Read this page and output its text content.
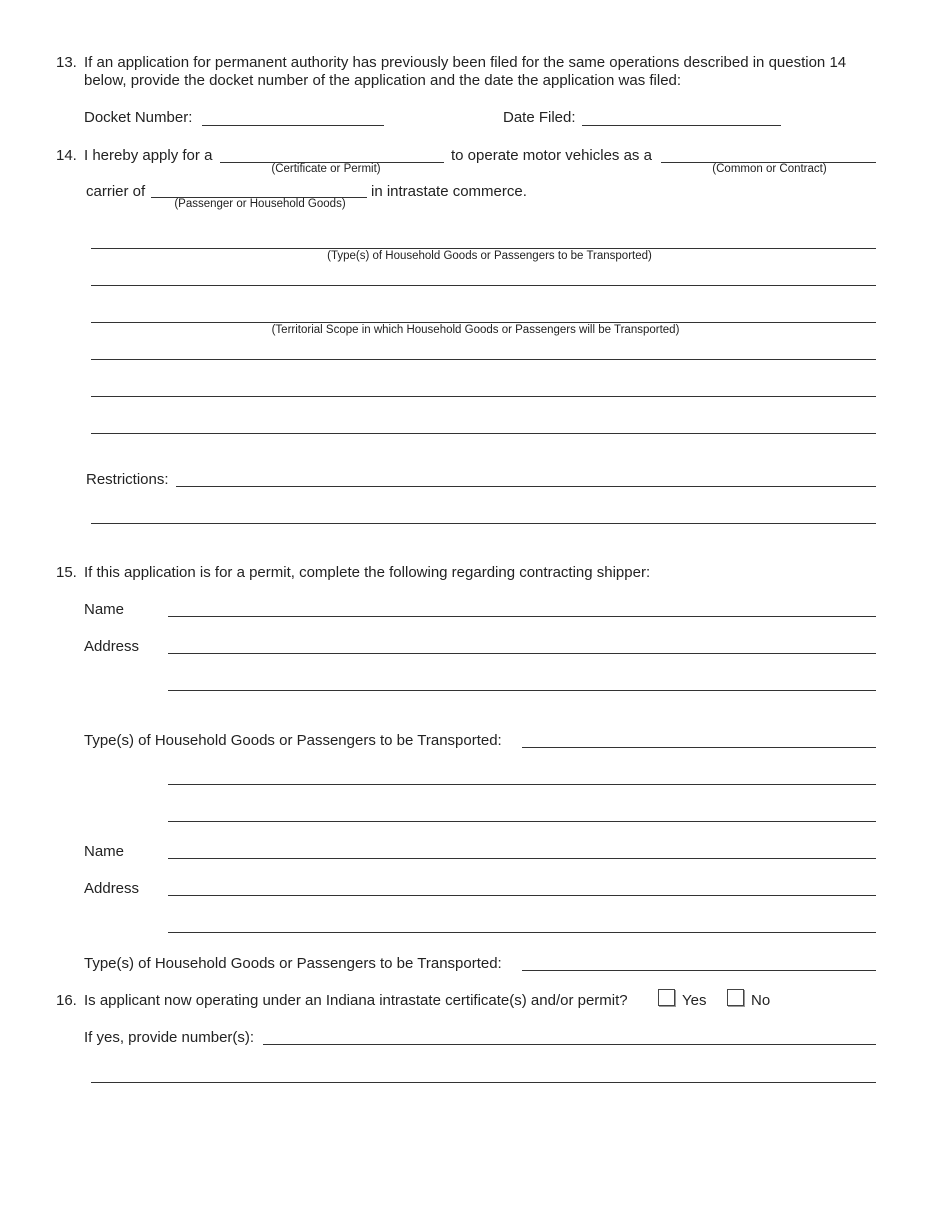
13. If an application for permanent authority has previously been filed for the same operations described in question 14
below, provide the docket number of the application and the date the application was filed:
Docket Number:	Date Filed:
14. I hereby apply for a
(Certificate or Permit)
to operate motor vehicles as a
(Common or Contract)
carrier of
(Passenger or Household Goods)
in intrastate commerce.
(Type(s) of Household Goods or Passengers to be Transported)
(Territorial Scope in which Household Goods or Passengers will be Transported)
Restrictions:
15. If this application is for a permit, complete the following regarding contracting shipper:
Name
Address
Type(s) of Household Goods or Passengers to be Transported:
Name
Address
Type(s) of Household Goods or Passengers to be Transported:
16. Is applicant now operating under an Indiana intrastate certificate(s) and/or permit?	Yes	No
If yes, provide number(s):
